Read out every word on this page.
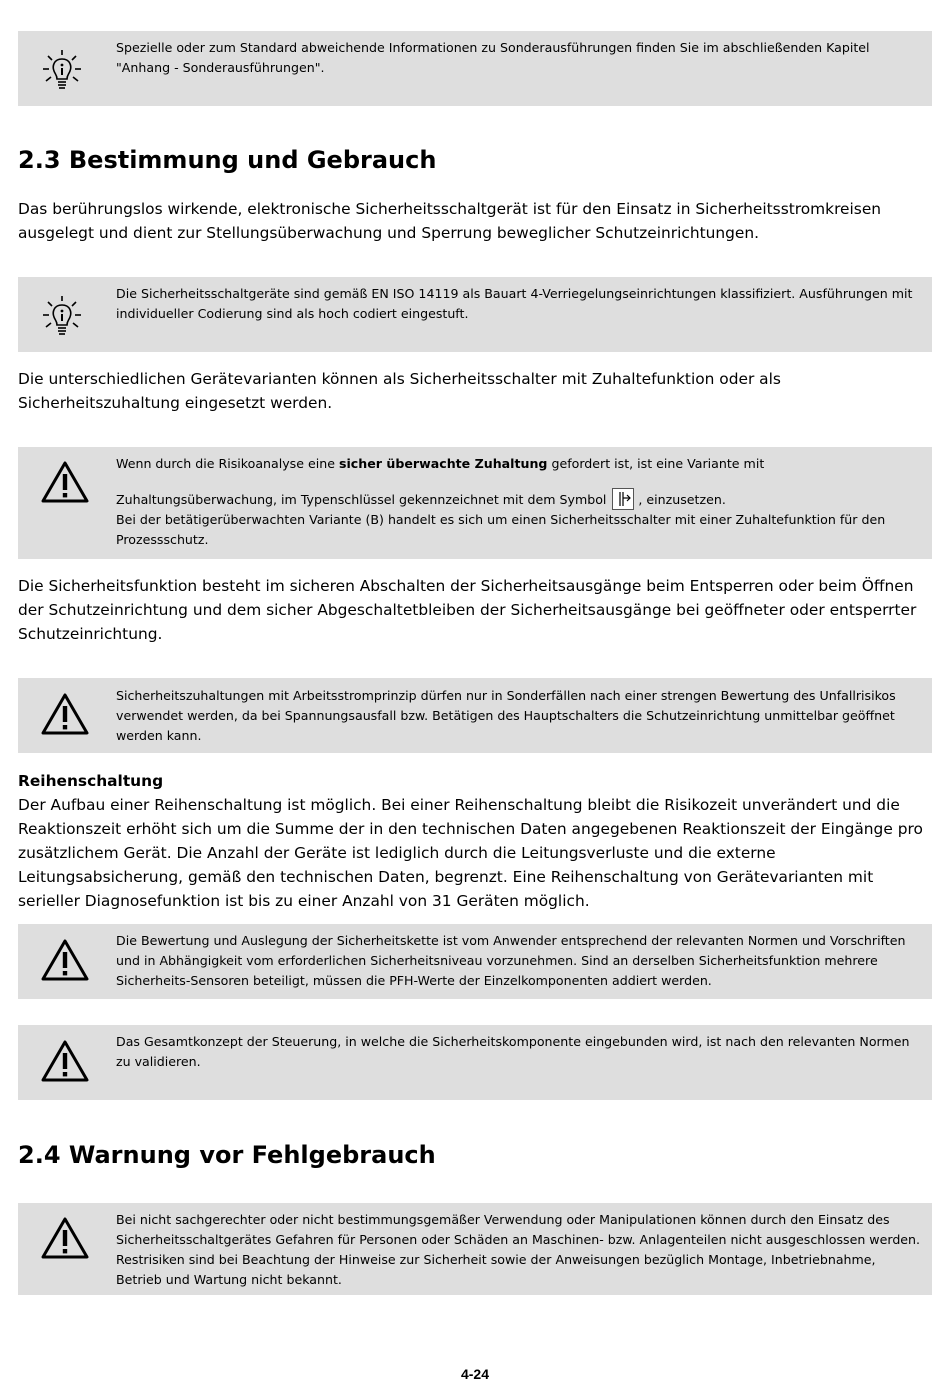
Spezielle oder zum Standard abweichende Informationen zu Sonderausführungen finden Sie im abschließenden Kapitel "Anhang - Sonderausführungen".
2.3 Bestimmung und Gebrauch

Das berührungslos wirkende, elektronische Sicherheitsschaltgerät ist für den Einsatz in Sicherheitsstromkreisen ausgelegt und dient zur Stellungsüberwachung und Sperrung beweglicher Schutzeinrichtungen.

Die Sicherheitsschaltgeräte sind gemäß EN ISO 14119 als Bauart 4-Verriegelungseinrichtungen klassifiziert. Ausführungen mit individueller Codierung sind als hoch codiert eingestuft.

Die unterschiedlichen Gerätevarianten können als Sicherheitsschalter mit Zuhaltefunktion oder als Sicherheitszuhaltung eingesetzt werden.

Wenn durch die Risikoanalyse eine sicher überwachte Zuhaltung gefordert ist, ist eine Variante mit
Zuhaltungsüberwachung, im Typenschlüssel gekennzeichnet mit dem Symbol	, einzusetzen.
Bei der betätigerüberwachten Variante (B) handelt es sich um einen Sicherheitsschalter mit einer Zuhaltefunktion für den Prozessschutz.

Die Sicherheitsfunktion besteht im sicheren Abschalten der Sicherheitsausgänge beim Entsperren oder beim Öffnen der Schutzeinrichtung und dem sicher Abgeschaltetbleiben der Sicherheitsausgänge bei geöffneter oder entsperrter Schutzeinrichtung.

Sicherheitszuhaltungen mit Arbeitsstromprinzip dürfen nur in Sonderfällen nach einer strengen Bewertung des Unfallrisikos verwendet werden, da bei Spannungsausfall bzw. Betätigen des Hauptschalters die Schutzeinrichtung unmittelbar geöffnet werden kann.
Reihenschaltung

Der Aufbau einer Reihenschaltung ist möglich. Bei einer Reihenschaltung bleibt die Risikozeit unverändert und die Reaktionszeit erhöht sich um die Summe der in den technischen Daten angegebenen Reaktionszeit der Eingänge pro zusätzlichem Gerät. Die Anzahl der Geräte ist lediglich durch die Leitungsverluste und die externe Leitungsabsicherung, gemäß den technischen Daten, begrenzt. Eine Reihenschaltung von Gerätevarianten mit serieller Diagnosefunktion ist bis zu einer Anzahl von 31 Geräten möglich.

Die Bewertung und Auslegung der Sicherheitskette ist vom Anwender entsprechend der relevanten Normen und Vorschriften und in Abhängigkeit vom erforderlichen Sicherheitsniveau vorzunehmen. Sind an derselben Sicherheitsfunktion mehrere Sicherheits-Sensoren beteiligt, müssen die PFH-Werte der Einzelkomponenten addiert werden.
Das Gesamtkonzept der Steuerung, in welche die Sicherheitskomponente eingebunden wird, ist nach den relevanten Normen zu validieren.
2.4 Warnung vor Fehlgebrauch
Bei nicht sachgerechter oder nicht bestimmungsgemäßer Verwendung oder Manipulationen können durch den Einsatz des Sicherheitsschaltgerätes Gefahren für Personen oder Schäden an Maschinen- bzw. Anlagenteilen nicht ausgeschlossen werden. Restrisiken sind bei Beachtung der Hinweise zur Sicherheit sowie der Anweisungen bezüglich Montage, Inbetriebnahme, Betrieb und Wartung nicht bekannt.
4-24
